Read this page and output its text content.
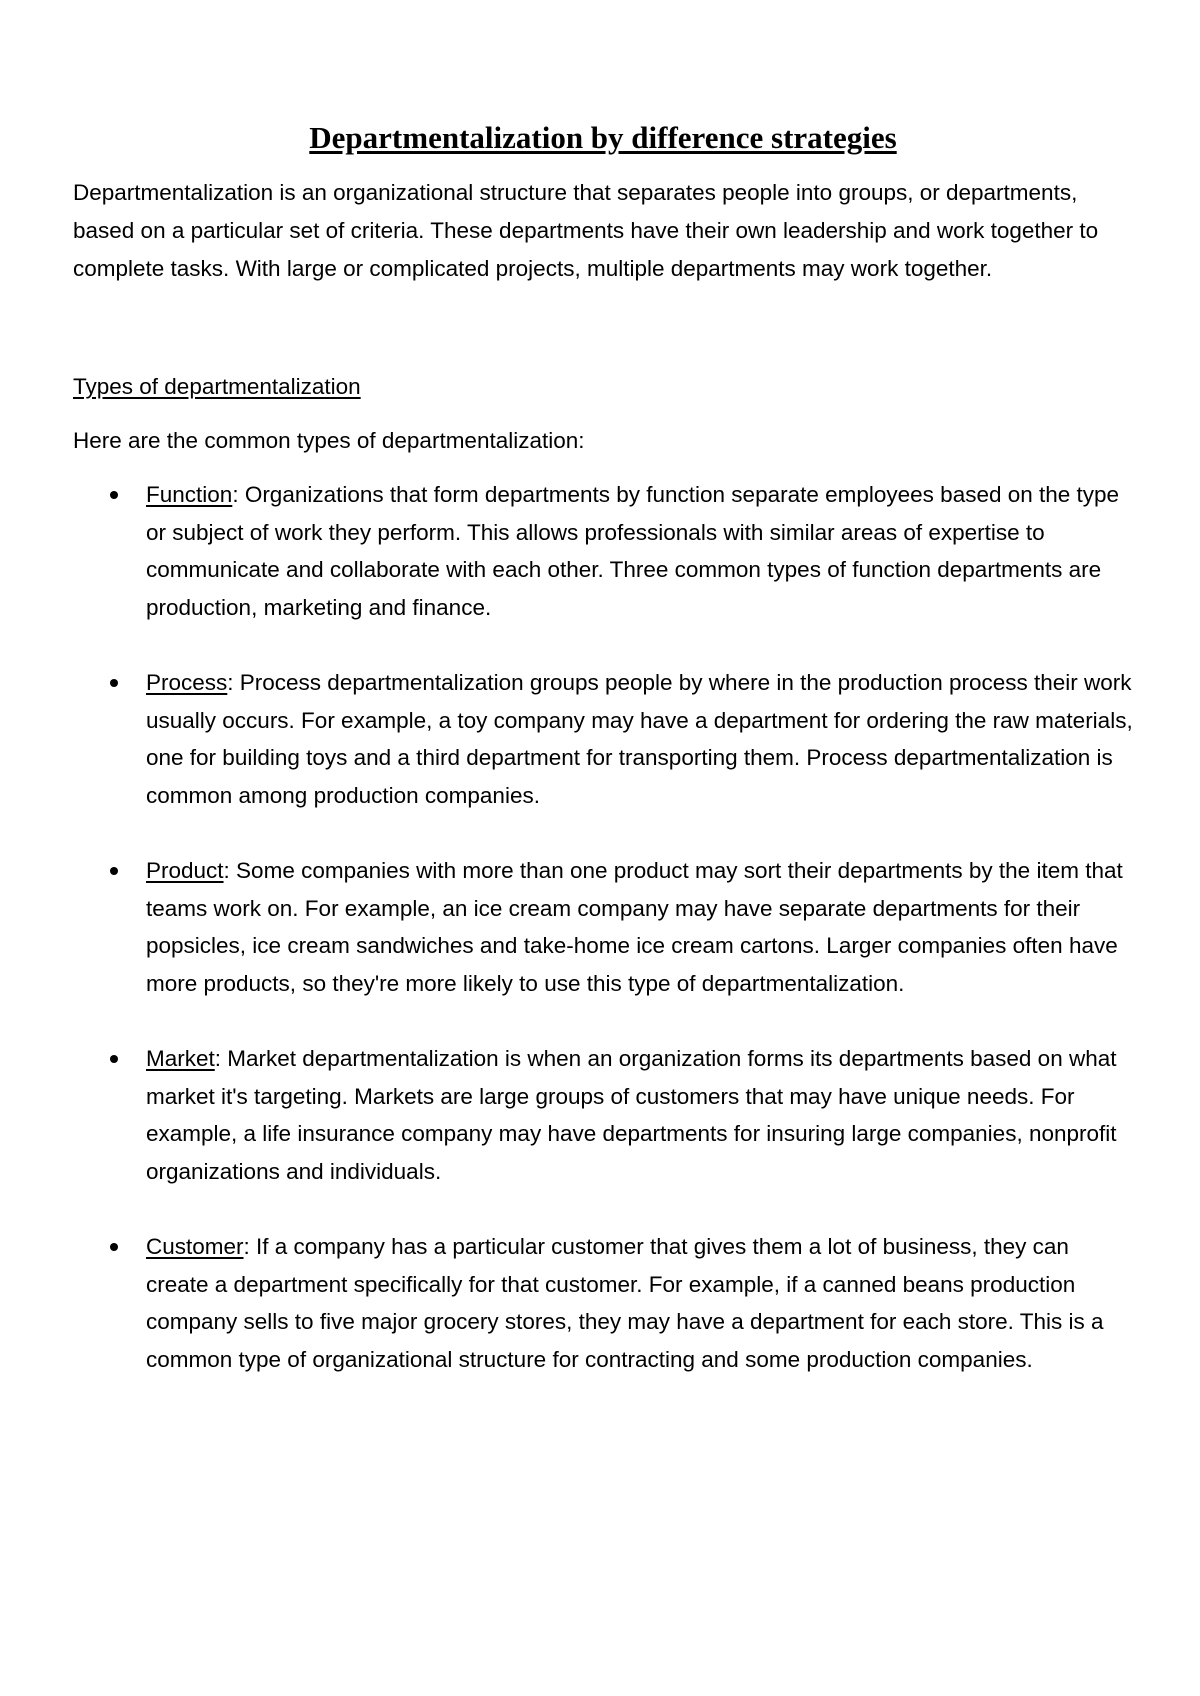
Departmentalization by difference strategies

Departmentalization is an organizational structure that separates people into groups, or departments, based on a particular set of criteria. These departments have their own leadership and work together to complete tasks. With large or complicated projects, multiple departments may work together.

Types of departmentalization

Here are the common types of departmentalization:

Function: Organizations that form departments by function separate employees based on the type or subject of work they perform. This allows professionals with similar areas of expertise to communicate and collaborate with each other. Three common types of function departments are production, marketing and finance.
Process: Process departmentalization groups people by where in the production process their work usually occurs. For example, a toy company may have a department for ordering the raw materials, one for building toys and a third department for transporting them. Process departmentalization is common among production companies.
Product: Some companies with more than one product may sort their departments by the item that teams work on. For example, an ice cream company may have separate departments for their popsicles, ice cream sandwiches and take-home ice cream cartons. Larger companies often have more products, so they're more likely to use this type of departmentalization.
Market: Market departmentalization is when an organization forms its departments based on what market it's targeting. Markets are large groups of customers that may have unique needs. For example, a life insurance company may have departments for insuring large companies, nonprofit organizations and individuals.
Customer: If a company has a particular customer that gives them a lot of business, they can create a department specifically for that customer. For example, if a canned beans production company sells to five major grocery stores, they may have a department for each store. This is a common type of organizational structure for contracting and some production companies.
